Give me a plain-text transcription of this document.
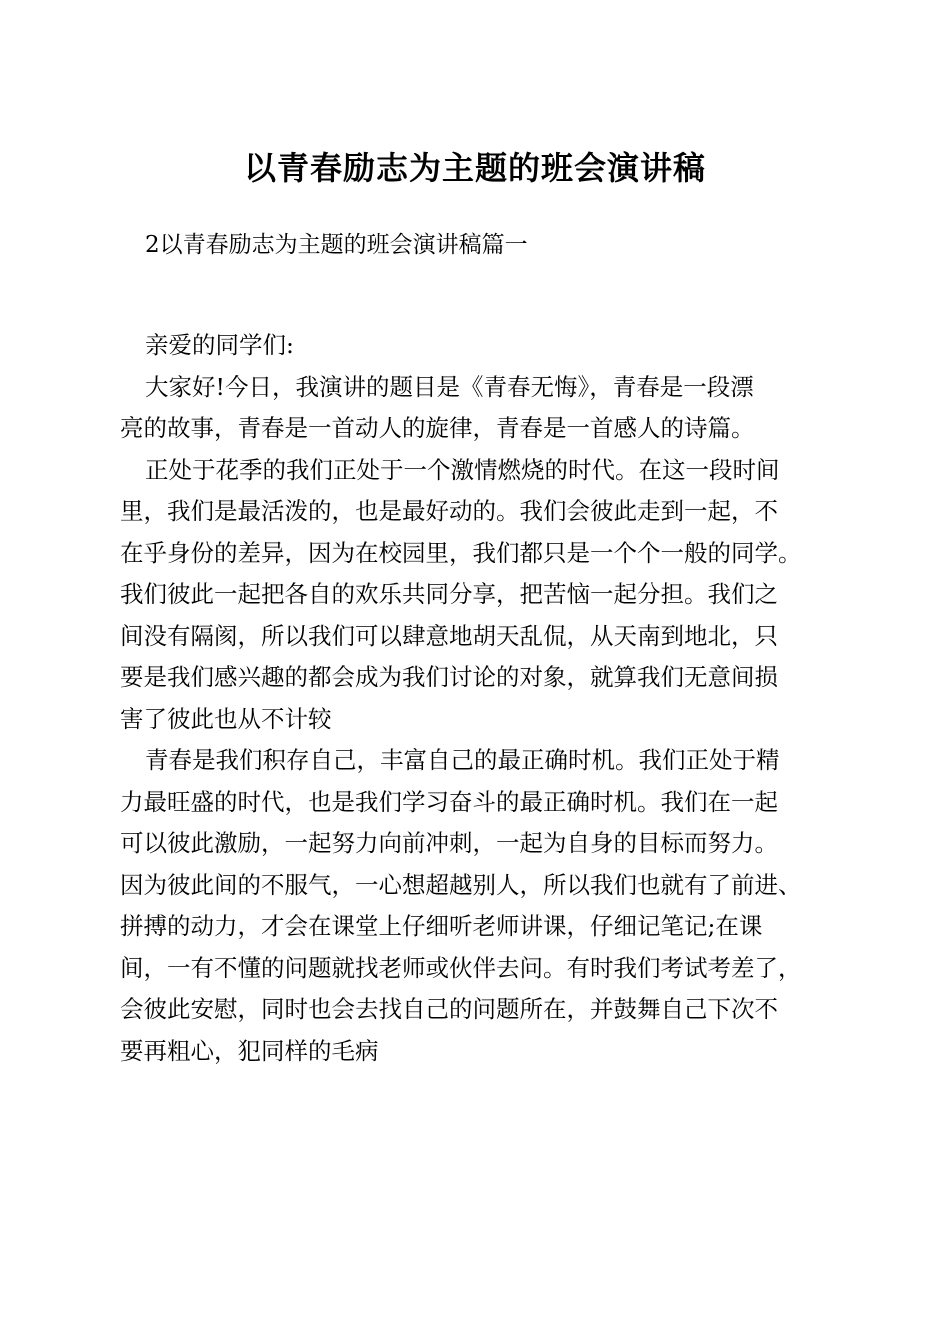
以青春励志为主题的班会演讲稿
2以青春励志为主题的班会演讲稿篇一
亲爱的同学们:
大家好!今日，我演讲的题目是《青春无悔》，青春是一段漂
亮的故事，青春是一首动人的旋律，青春是一首感人的诗篇。
正处于花季的我们正处于一个激情燃烧的时代。在这一段时间
里，我们是最活泼的，也是最好动的。我们会彼此走到一起，不
在乎身份的差异，因为在校园里，我们都只是一个个一般的同学。
我们彼此一起把各自的欢乐共同分享，把苦恼一起分担。我们之
间没有隔阂，所以我们可以肆意地胡天乱侃，从天南到地北，只
要是我们感兴趣的都会成为我们讨论的对象，就算我们无意间损
害了彼此也从不计较
青春是我们积存自己，丰富自己的最正确时机。我们正处于精
力最旺盛的时代，也是我们学习奋斗的最正确时机。我们在一起
可以彼此激励，一起努力向前冲刺，一起为自身的目标而努力。
因为彼此间的不服气，一心想超越别人，所以我们也就有了前进、
拼搏的动力，才会在课堂上仔细听老师讲课，仔细记笔记;在课
间，一有不懂的问题就找老师或伙伴去问。有时我们考试考差了，
会彼此安慰，同时也会去找自己的问题所在，并鼓舞自己下次不
要再粗心，犯同样的毛病
